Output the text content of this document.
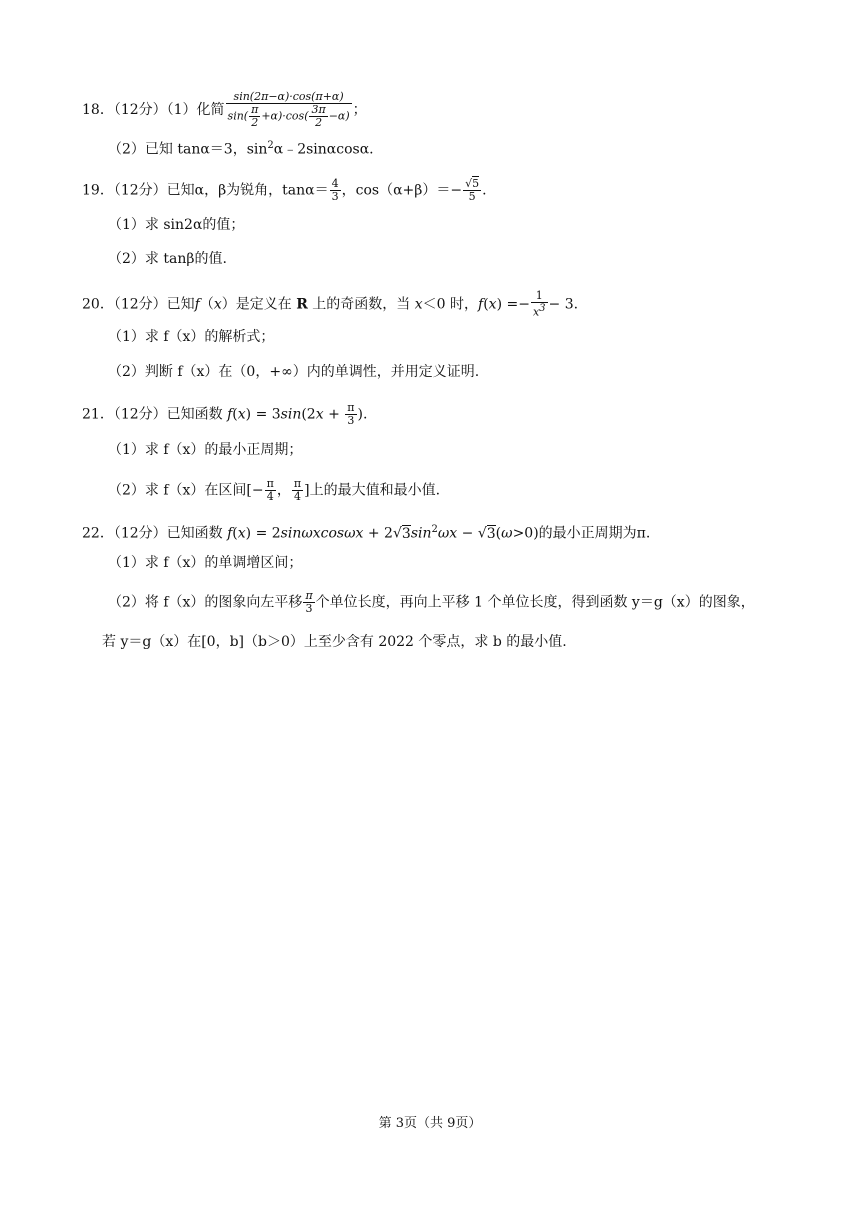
18．（12分）（1）化简 $\frac{\sin(2\pi-\alpha)\cdot\cos(\pi+\alpha)}{\sin( \frac{\pi}{2} +\alpha)\cdot\cos( \frac{3\pi}{2} -\alpha)}$ ；
（2）已知 tanα＝3，$\sin^2\alpha﹣2\sin\alpha\cos\alpha$.
19．（12分）已知α，β为锐角，$\tan\alpha= \frac{4}{3}$ ，$\cos(\alpha+\beta)=- \frac{√5}{5}$ .
（1）求 sin2α的值；
（2）求 tanβ的值.
20．（12分）已知f（x）是定义在 R 上的奇函数，当 x＜0 时，$f(x) =- \frac{1}{x^3} - 3$.
（1）求 f（x）的解析式；
（2）判断 f（x）在（0，+∞）内的单调性，并用定义证明.
21．（12分）已知函数 $f(x) = 3\sin(2x + \frac{\pi}{3}$ ).
（1）求 f（x）的最小正周期；
（2）求 f（x）在区间[− $\frac{\pi}{4}$ ， $\frac{\pi}{4}$ ]上的最大值和最小值.
22．（12分）已知函数 $f(x) = 2\sin\omega xcos\omega x + 2√3\sin^2\omega x - √3(\omega>0)$的最小正周期为π.
（1）求 f（x）的单调增区间；
（2）将 f（x）的图象向左平移 $\frac{\pi}{3}$ 个单位长度，再向上平移 1 个单位长度，得到函数 y＝g（x）的图象，
若 y＝g（x）在[0，b]（b＞0）上至少含有 2022 个零点，求 b 的最小值.
第 3页（共 9页）
